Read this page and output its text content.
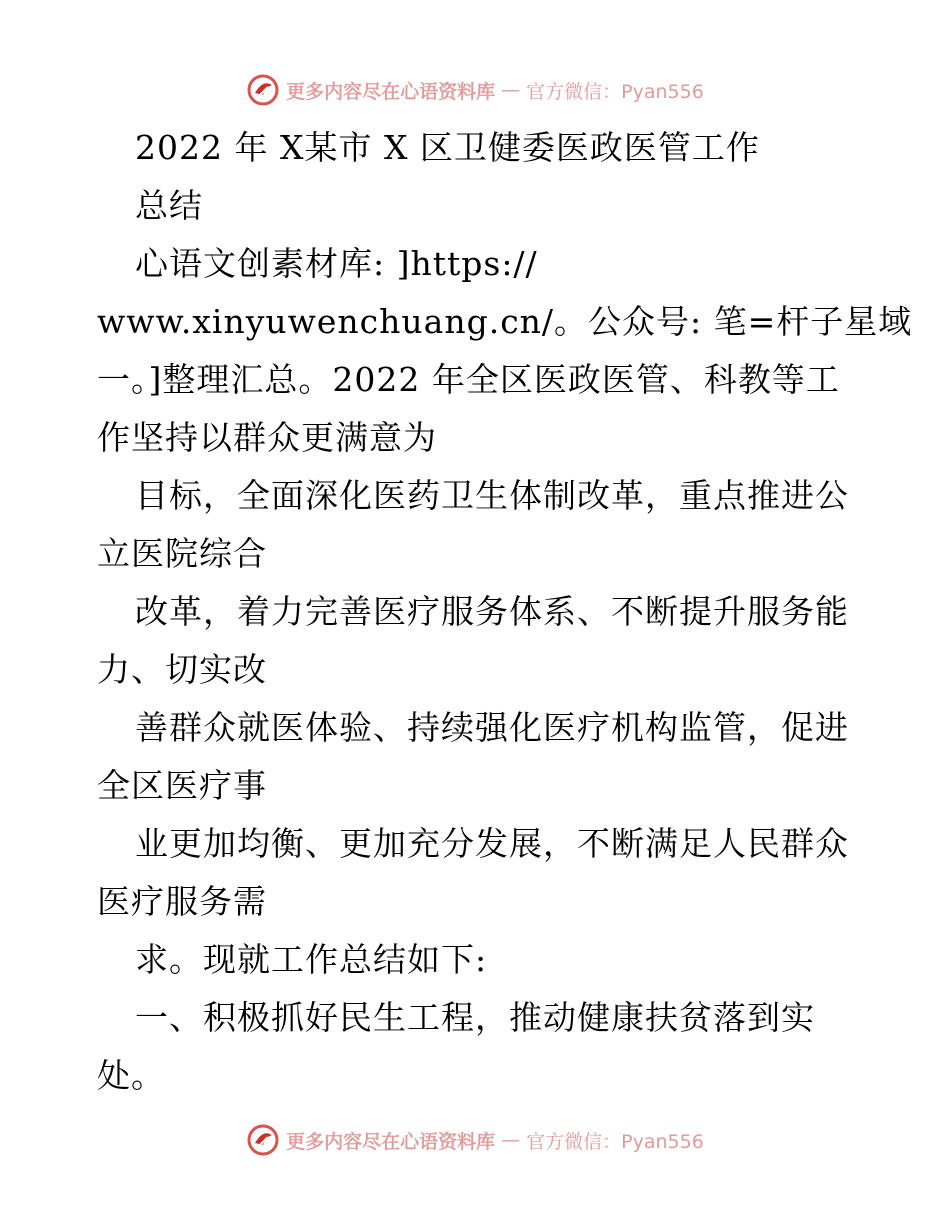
更多内容尽在心语资料库 — 官方微信：Pyan556
2022 年 X某市 X 区卫健委医政医管工作
总结
心语文创素材库: ]https://
www.xinyuwenchuang.cn/。公众号: 笔=杆子星域
一。]整理汇总。2022 年全区医政医管、科教等工
作坚持以群众更满意为
目标，全面深化医药卫生体制改革，重点推进公
立医院综合
改革，着力完善医疗服务体系、不断提升服务能
力、切实改
善群众就医体验、持续强化医疗机构监管，促进
全区医疗事
业更加均衡、更加充分发展，不断满足人民群众
医疗服务需
求。现就工作总结如下:
一、积极抓好民生工程，推动健康扶贫落到实
处。
更多内容尽在心语资料库 — 官方微信：Pyan556
